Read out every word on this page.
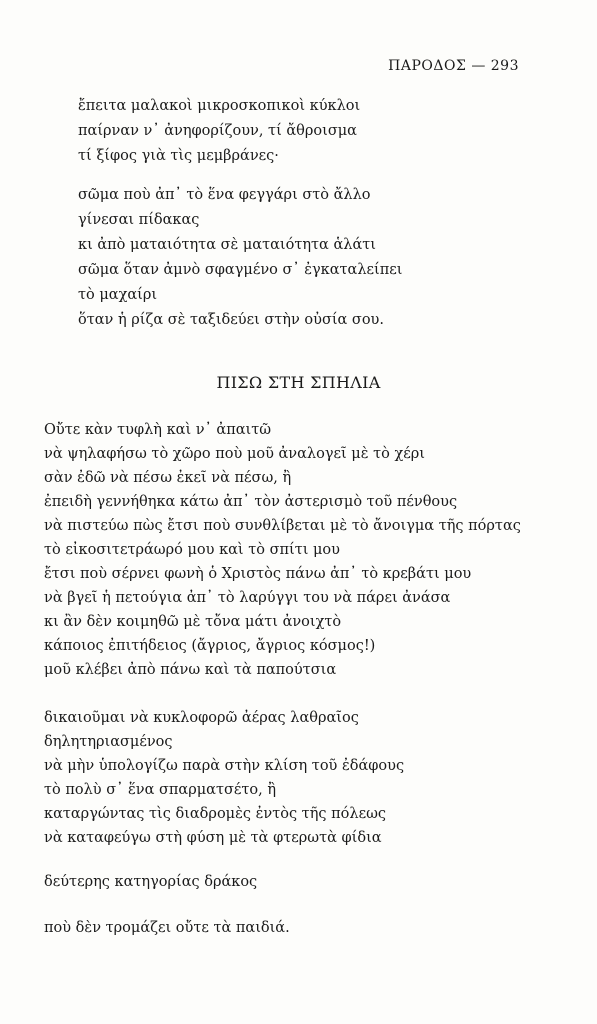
ΠΑΡΟΔΟΣ — 293
ἔπειτα μαλακοὶ μικροσκοπικοὶ κύκλοι
παίρναν ν᾽ ἀνηφορίζουν, τί ἄθροισμα
τί ξίφος γιὰ τὶς μεμβράνες·
σῶμα ποὺ ἀπ᾽ τὸ ἕνα φεγγάρι στὸ ἄλλο
γίνεσαι πίδακας
κι ἀπὸ ματαιότητα σὲ ματαιότητα ἁλάτι
σῶμα ὅταν ἀμνὸ σφαγμένο σ᾽ ἐγκαταλείπει
τὸ μαχαίρι
ὅταν ἡ ρίζα σὲ ταξιδεύει στὴν οὐσία σου.
ΠΙΣΩ ΣΤΗ ΣΠΗΛΙΑ
Οὔτε κὰν τυφλὴ καὶ ν᾽ ἀπαιτῶ
νὰ ψηλαφήσω τὸ χῶρο ποὺ μοῦ ἀναλογεῖ μὲ τὸ χέρι
σὰν ἐδῶ νὰ πέσω ἐκεῖ νὰ πέσω, ἢ
ἐπειδὴ γεννήθηκα κάτω ἀπ᾽ τὸν ἀστερισμὸ τοῦ πένθους
νὰ πιστεύω πὼς ἔτσι ποὺ συνθλίβεται μὲ τὸ ἄνοιγμα τῆς πόρτας
τὸ εἰκοσιτετράωρό μου καὶ τὸ σπίτι μου
ἔτσι ποὺ σέρνει φωνὴ ὁ Χριστὸς πάνω ἀπ᾽ τὸ κρεβάτι μου
νὰ βγεῖ ἡ πετούγια ἀπ᾽ τὸ λαρύγγι του νὰ πάρει ἀνάσα
κι ἂν δὲν κοιμηθῶ μὲ τὄνα μάτι ἀνοιχτὸ
κάποιος ἐπιτήδειος (ἄγριος, ἄγριος κόσμος!)
μοῦ κλέβει ἀπὸ πάνω καὶ τὰ παπούτσια
δικαιοῦμαι νὰ κυκλοφορῶ ἀέρας λαθραῖος
δηλητηριασμένος
νὰ μὴν ὑπολογίζω παρὰ στὴν κλίση τοῦ ἐδάφους
τὸ πολὺ σ᾽ ἕνα σπαρματσέτο, ἢ
καταργώντας τὶς διαδρομὲς ἐντὸς τῆς πόλεως
νὰ καταφεύγω στὴ φύση μὲ τὰ φτερωτὰ φίδια
δεύτερης κατηγορίας δράκος
ποὺ δὲν τρομάζει οὔτε τὰ παιδιά.
